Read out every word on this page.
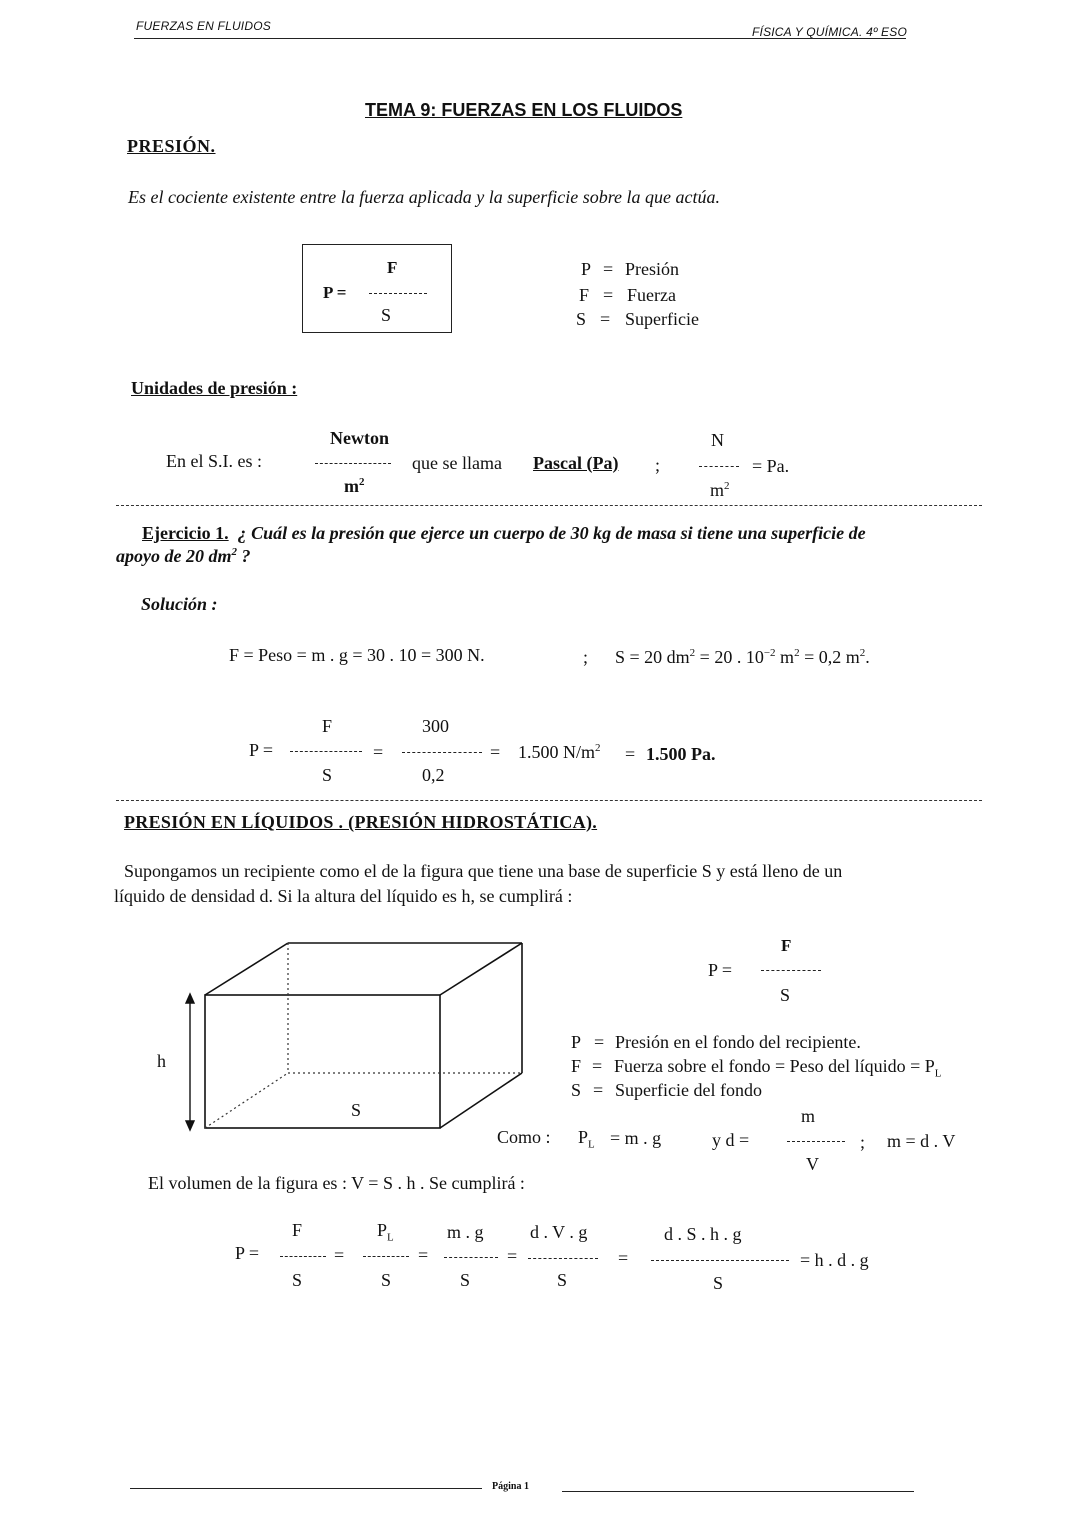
FUERZAS EN FLUIDOS	FÍSICA Y QUÍMICA. 4º ESO
TEMA 9: FUERZAS EN LOS FLUIDOS
PRESIÓN.
Es el cociente existente entre la fuerza aplicada y la superficie sobre la que actúa.
P =
F
S
P = Presión
F = Fuerza
S = Superficie
Unidades de presión :
En el S.I. es :
Newton
$m^2$
que se llama Pascal (Pa) ;
N
$m^2$
= Pa.
Ejercicio 1. ¿ Cuál es la presión que ejerce un cuerpo de 30 kg de masa si tiene una superficie de
apoyo de 20 $dm^2$ ?
Solución :
F = Peso = m . g = 30 . 10 = 300 N.	; S = 20 $dm^2 = 20$ . $10^{-2}$ $m^2 = 0,2$ $m^2$.
P =
F
S
=
300
0,2
= 1.500 $N/m^2 = 1.500$ Pa.
PRESIÓN EN LÍQUIDOS . (PRESIÓN HIDROSTÁTICA).
Supongamos un recipiente como el de la figura que tiene una base de superficie S y está lleno de un
líquido de densidad d. Si la altura del líquido es h, se cumplirá :
h
S
P =
F
S
P = Presión en el fondo del recipiente.
F = Fuerza sobre el fondo = Peso del líquido = $P_L$
S = Superficie del fondo
Como : $P_L = m$ . g	y d =
m
V
; m = d . V
El volumen de la figura es : V = S . h . Se cumplirá :
P =
F
S
=
$P_L$
S
=
m . g
S
=
d . V . g
S
=
d . S . h . g
S
= h . d . g
Página 1
